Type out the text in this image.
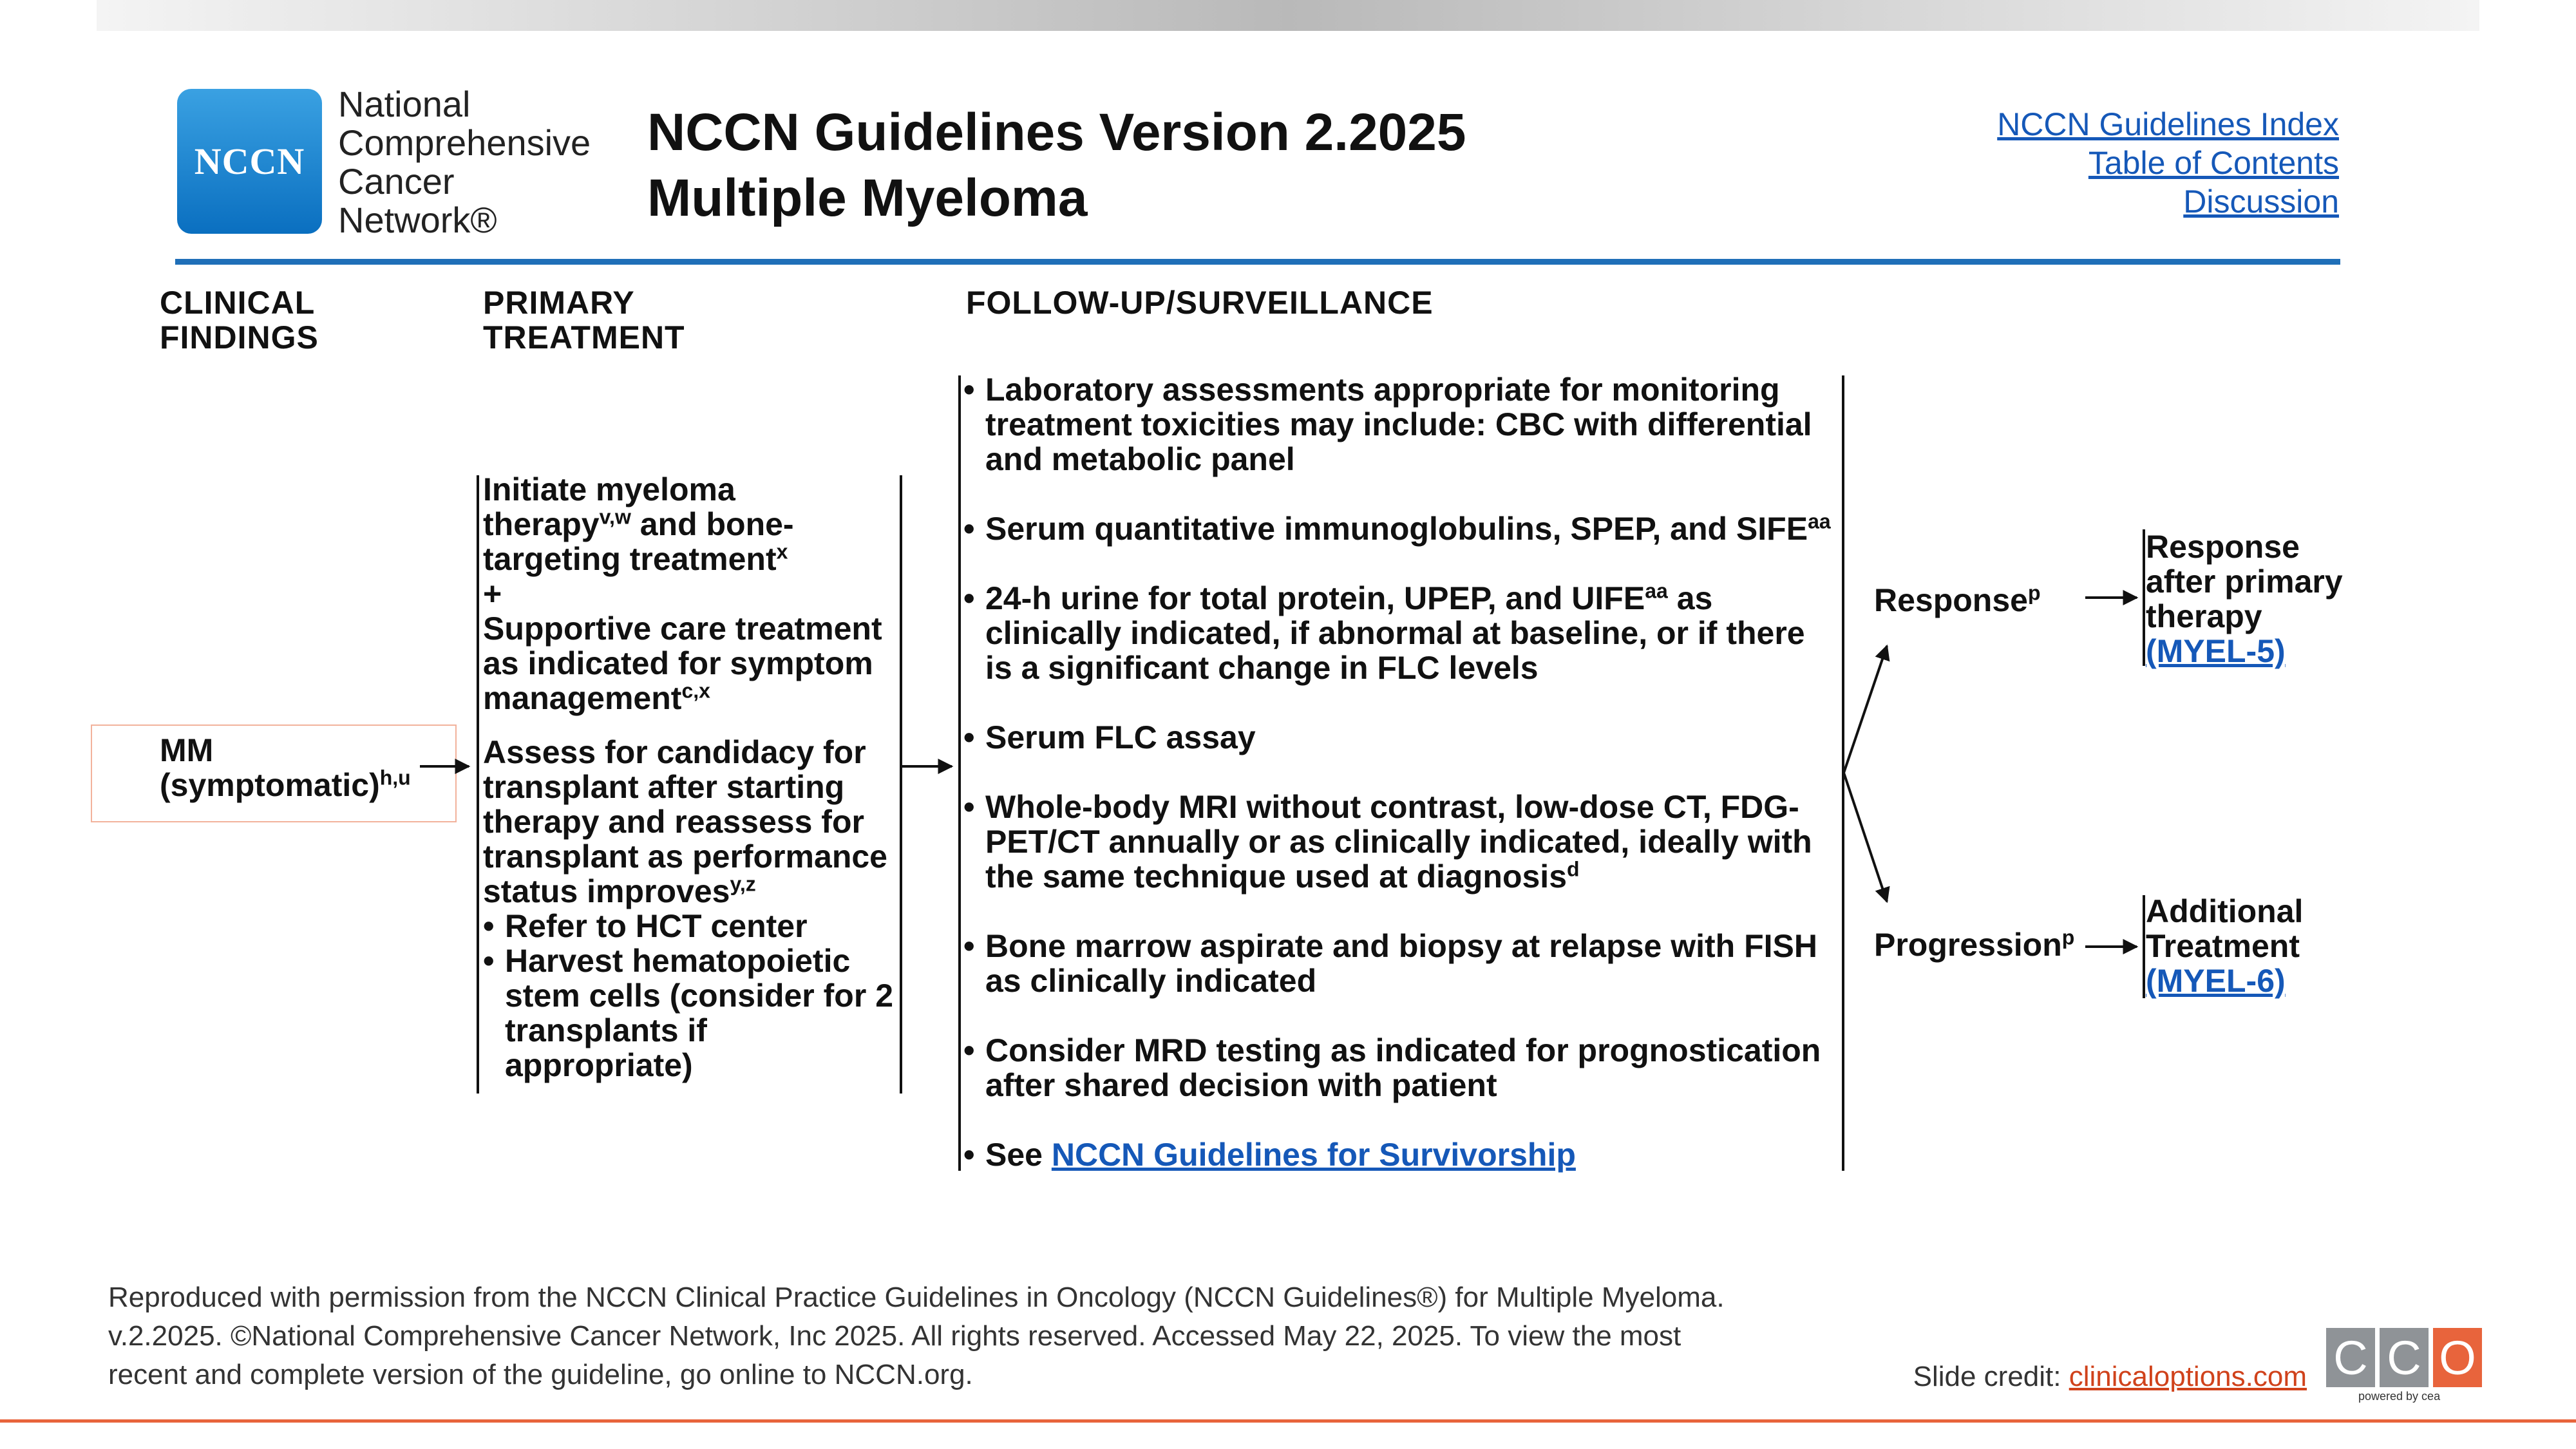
NCCN
National
Comprehensive
Cancer
Network®
NCCN Guidelines Version 2.2025
Multiple Myeloma
NCCN Guidelines Index
Table of Contents
Discussion
CLINICAL
FINDINGS
PRIMARY
TREATMENT
FOLLOW-UP/SURVEILLANCE
MM
(symptomatic)$^{h,u}$
Initiate myeloma
therapy$^{v,w}$ and bone-
targeting treatment$^x$
+
Supportive care treatment
as indicated for symptom
management$^{c,x}$
Assess for candidacy for
transplant after starting
therapy and reassess for
transplant as performance
status improves$^{y,z}$
• Refer to HCT center
• Harvest hematopoietic stem cells (consider for 2 transplants if appropriate)
• Laboratory assessments appropriate for monitoring treatment toxicities may include: CBC with differential and metabolic panel
• Serum quantitative immunoglobulins, SPEP, and $SIFE^{aa}$
• 24-h urine for total protein, UPEP, and $UIFE^{aa}$ as clinically indicated, if abnormal at baseline, or if there is a significant change in FLC levels
• Serum FLC assay
• Whole-body MRI without contrast, low-dose CT, FDG-PET/CT annually or as clinically indicated, ideally with the same technique used at diagnosis$^d$
• Bone marrow aspirate and biopsy at relapse with FISH as clinically indicated
• Consider MRD testing as indicated for prognostication after shared decision with patient
• See NCCN Guidelines for Survivorship
Response$^p$
Progression$^p$
Response
after primary
therapy
(MYEL-5)
Additional
Treatment
(MYEL-6)
Reproduced with permission from the NCCN Clinical Practice Guidelines in Oncology (NCCN Guidelines®) for Multiple Myeloma.
v.2.2025. ©National Comprehensive Cancer Network, Inc 2025. All rights reserved. Accessed May 22, 2025. To view the most
recent and complete version of the guideline, go online to NCCN.org.	Slide credit: clinicaloptions.com C C O
powered by cea
